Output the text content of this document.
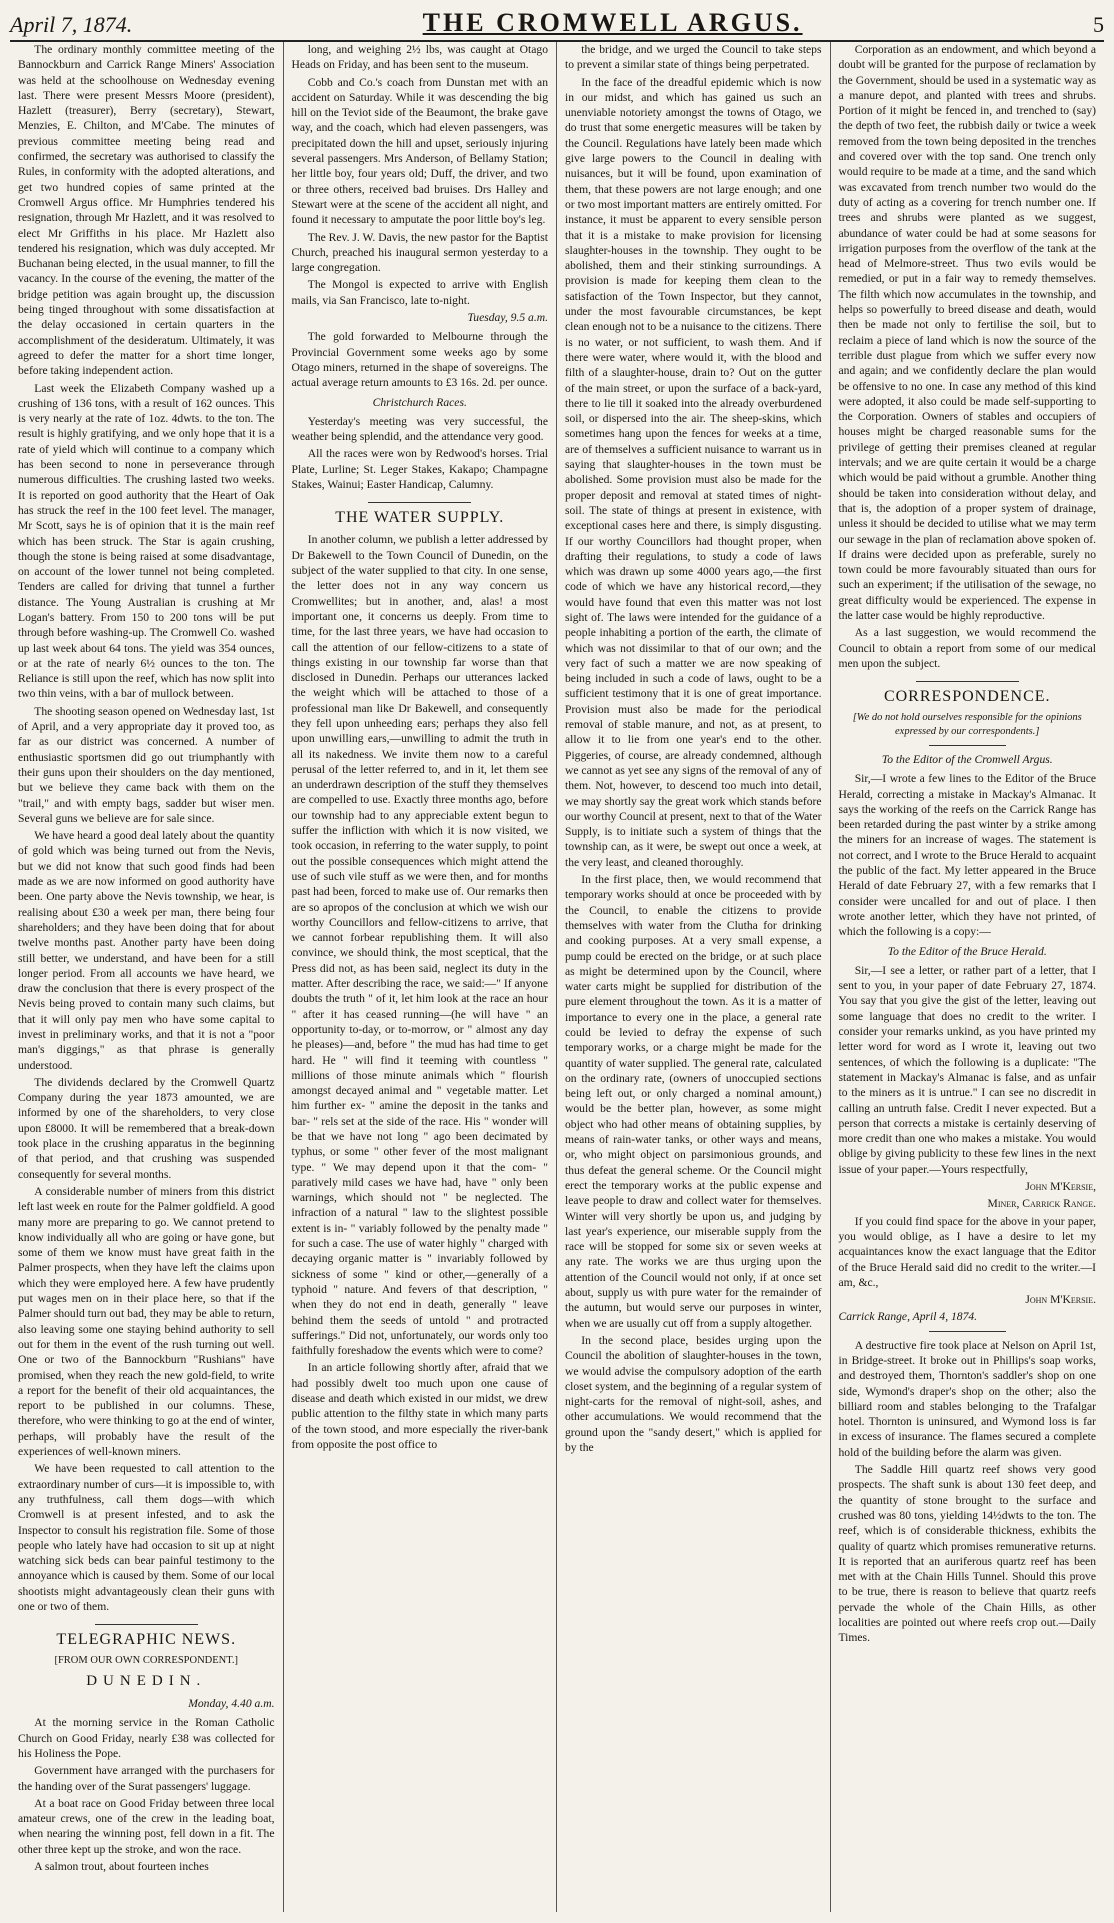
April 7, 1874.	THE CROMWELL ARGUS.	5

The ordinary monthly committee meeting of the Bannockburn and Carrick Range Miners' Association was held at the schoolhouse on Wednesday evening last. There were present Messrs Moore (president), Hazlett (treasurer), Berry (secretary), Stewart, Menzies, E. Chilton, and M'Cabe. The minutes of previous committee meeting being read and confirmed, the secretary was authorised to classify the Rules, in conformity with the adopted alterations, and get two hundred copies of same printed at the Cromwell Argus office. Mr Humphries tendered his resignation, through Mr Hazlett, and it was resolved to elect Mr Griffiths in his place. Mr Hazlett also tendered his resignation, which was duly accepted. Mr Buchanan being elected, in the usual manner, to fill the vacancy. In the course of the evening, the matter of the bridge petition was again brought up, the discussion being tinged throughout with some dissatisfaction at the delay occasioned in certain quarters in the accomplishment of the desideratum. Ultimately, it was agreed to defer the matter for a short time longer, before taking independent action.

Last week the Elizabeth Company washed up a crushing of 136 tons, with a result of 162 ounces. This is very nearly at the rate of 1oz. 4dwts. to the ton. The result is highly gratifying, and we only hope that it is a rate of yield which will continue to a company which has been second to none in perseverance through numerous difficulties. The crushing lasted two weeks. It is reported on good authority that the Heart of Oak has struck the reef in the 100 feet level. The manager, Mr Scott, says he is of opinion that it is the main reef which has been struck. The Star is again crushing, though the stone is being raised at some disadvantage, on account of the lower tunnel not being completed. Tenders are called for driving that tunnel a further distance. The Young Australian is crushing at Mr Logan's battery. From 150 to 200 tons will be put through before washing-up. The Cromwell Co. washed up last week about 64 tons. The yield was 354 ounces, or at the rate of nearly 6½ ounces to the ton. The Reliance is still upon the reef, which has now split into two thin veins, with a bar of mullock between.

The shooting season opened on Wednesday last, 1st of April, and a very appropriate day it proved too, as far as our district was concerned. A number of enthusiastic sportsmen did go out triumphantly with their guns upon their shoulders on the day mentioned, but we believe they came back with them on the "trail," and with empty bags, sadder but wiser men. Several guns we believe are for sale since.

We have heard a good deal lately about the quantity of gold which was being turned out from the Nevis, but we did not know that such good finds had been made as we are now informed on good authority have been. One party above the Nevis township, we hear, is realising about £30 a week per man, there being four shareholders; and they have been doing that for about twelve months past. Another party have been doing still better, we understand, and have been for a still longer period. From all accounts we have heard, we draw the conclusion that there is every prospect of the Nevis being proved to contain many such claims, but that it will only pay men who have some capital to invest in preliminary works, and that it is not a "poor man's diggings," as that phrase is generally understood.

The dividends declared by the Cromwell Quartz Company during the year 1873 amounted, we are informed by one of the shareholders, to very close upon £8000. It will be remembered that a break-down took place in the crushing apparatus in the beginning of that period, and that crushing was suspended consequently for several months.

A considerable number of miners from this district left last week en route for the Palmer goldfield. A good many more are preparing to go. We cannot pretend to know individually all who are going or have gone, but some of them we know must have great faith in the Palmer prospects, when they have left the claims upon which they were employed here. A few have prudently put wages men on in their place here, so that if the Palmer should turn out bad, they may be able to return, also leaving some one staying behind authority to sell out for them in the event of the rush turning out well. One or two of the Bannockburn "Rushians" have promised, when they reach the new gold-field, to write a report for the benefit of their old acquaintances, the report to be published in our columns. These, therefore, who were thinking to go at the end of winter, perhaps, will probably have the result of the experiences of well-known miners.

We have been requested to call attention to the extraordinary number of curs—it is impossible to, with any truthfulness, call them dogs—with which Cromwell is at present infested, and to ask the Inspector to consult his registration file. Some of those people who lately have had occasion to sit up at night watching sick beds can bear painful testimony to the annoyance which is caused by them. Some of our local shootists might advantageously clean their guns with one or two of them.

TELEGRAPHIC NEWS.
[FROM OUR OWN CORRESPONDENT.]
DUNEDIN.
Monday, 4.40 a.m.

At the morning service in the Roman Catholic Church on Good Friday, nearly £38 was collected for his Holiness the Pope.

Government have arranged with the purchasers for the handing over of the Surat passengers' luggage.

At a boat race on Good Friday between three local amateur crews, one of the crew in the leading boat, when nearing the winning post, fell down in a fit. The other three kept up the stroke, and won the race.

A salmon trout, about fourteen inches

long, and weighing 2½ lbs, was caught at Otago Heads on Friday, and has been sent to the museum.

Cobb and Co.'s coach from Dunstan met with an accident on Saturday. While it was descending the big hill on the Teviot side of the Beaumont, the brake gave way, and the coach, which had eleven passengers, was precipitated down the hill and upset, seriously injuring several passengers. Mrs Anderson, of Bellamy Station; her little boy, four years old; Duff, the driver, and two or three others, received bad bruises. Drs Halley and Stewart were at the scene of the accident all night, and found it necessary to amputate the poor little boy's leg.

The Rev. J. W. Davis, the new pastor for the Baptist Church, preached his inaugural sermon yesterday to a large congregation.

The Mongol is expected to arrive with English mails, via San Francisco, late to-night.

Tuesday, 9.5 a.m.

The gold forwarded to Melbourne through the Provincial Government some weeks ago by some Otago miners, returned in the shape of sovereigns. The actual average return amounts to £3 16s. 2d. per ounce.

Christchurch Races.

Yesterday's meeting was very successful, the weather being splendid, and the attendance very good.

All the races were won by Redwood's horses. Trial Plate, Lurline; St. Leger Stakes, Kakapo; Champagne Stakes, Wainui; Easter Handicap, Calumny.

THE WATER SUPPLY.

In another column, we publish a letter addressed by Dr Bakewell to the Town Council of Dunedin, on the subject of the water supplied to that city. In one sense, the letter does not in any way concern us Cromwellites; but in another, and, alas! a most important one, it concerns us deeply. From time to time, for the last three years, we have had occasion to call the attention of our fellow-citizens to a state of things existing in our township far worse than that disclosed in Dunedin. Perhaps our utterances lacked the weight which will be attached to those of a professional man like Dr Bakewell, and consequently they fell upon unheeding ears; perhaps they also fell upon unwilling ears,—unwilling to admit the truth in all its nakedness. We invite them now to a careful perusal of the letter referred to, and in it, let them see an underdrawn description of the stuff they themselves are compelled to use. Exactly three months ago, before our township had to any appreciable extent begun to suffer the infliction with which it is now visited, we took occasion, in referring to the water supply, to point out the possible consequences which might attend the use of such vile stuff as we were then, and for months past had been, forced to make use of. Our remarks then are so apropos of the conclusion at which we wish our worthy Councillors and fellow-citizens to arrive, that we cannot forbear republishing them. It will also convince, we should think, the most sceptical, that the Press did not, as has been said, neglect its duty in the matter. After describing the race, we said:—" If anyone doubts the truth " of it, let him look at the race an hour " after it has ceased running—(he will have " an opportunity to-day, or to-morrow, or " almost any day he pleases)—and, before " the mud has had time to get hard. He " will find it teeming with countless " millions of those minute animals which " flourish amongst decayed animal and " vegetable matter. Let him further ex- " amine the deposit in the tanks and bar- " rels set at the side of the race. His " wonder will be that we have not long " ago been decimated by typhus, or some " other fever of the most malignant type. " We may depend upon it that the com- " paratively mild cases we have had, have " only been warnings, which should not " be neglected. The infraction of a natural " law to the slightest possible extent is in- " variably followed by the penalty made " for such a case. The use of water highly " charged with decaying organic matter is " invariably followed by sickness of some " kind or other,—generally of a typhoid " nature. And fevers of that description, " when they do not end in death, generally " leave behind them the seeds of untold " and protracted sufferings." Did not, unfortunately, our words only too faithfully foreshadow the events which were to come?

In an article following shortly after, afraid that we had possibly dwelt too much upon one cause of disease and death which existed in our midst, we drew public attention to the filthy state in which many parts of the town stood, and more especially the river-bank from opposite the post office to

the bridge, and we urged the Council to take steps to prevent a similar state of things being perpetrated.

In the face of the dreadful epidemic which is now in our midst, and which has gained us such an unenviable notoriety amongst the towns of Otago, we do trust that some energetic measures will be taken by the Council. Regulations have lately been made which give large powers to the Council in dealing with nuisances, but it will be found, upon examination of them, that these powers are not large enough; and one or two most important matters are entirely omitted. For instance, it must be apparent to every sensible person that it is a mistake to make provision for licensing slaughter-houses in the township. They ought to be abolished, them and their stinking surroundings. A provision is made for keeping them clean to the satisfaction of the Town Inspector, but they cannot, under the most favourable circumstances, be kept clean enough not to be a nuisance to the citizens. There is no water, or not sufficient, to wash them. And if there were water, where would it, with the blood and filth of a slaughter-house, drain to? Out on the gutter of the main street, or upon the surface of a back-yard, there to lie till it soaked into the already overburdened soil, or dispersed into the air. The sheep-skins, which sometimes hang upon the fences for weeks at a time, are of themselves a sufficient nuisance to warrant us in saying that slaughter-houses in the town must be abolished. Some provision must also be made for the proper deposit and removal at stated times of night-soil. The state of things at present in existence, with exceptional cases here and there, is simply disgusting. If our worthy Councillors had thought proper, when drafting their regulations, to study a code of laws which was drawn up some 4000 years ago,—the first code of which we have any historical record,—they would have found that even this matter was not lost sight of. The laws were intended for the guidance of a people inhabiting a portion of the earth, the climate of which was not dissimilar to that of our own; and the very fact of such a matter we are now speaking of being included in such a code of laws, ought to be a sufficient testimony that it is one of great importance. Provision must also be made for the periodical removal of stable manure, and not, as at present, to allow it to lie from one year's end to the other. Piggeries, of course, are already condemned, although we cannot as yet see any signs of the removal of any of them. Not, however, to descend too much into detail, we may shortly say the great work which stands before our worthy Council at present, next to that of the Water Supply, is to initiate such a system of things that the township can, as it were, be swept out once a week, at the very least, and cleaned thoroughly.

In the first place, then, we would recommend that temporary works should at once be proceeded with by the Council, to enable the citizens to provide themselves with water from the Clutha for drinking and cooking purposes. At a very small expense, a pump could be erected on the bridge, or at such place as might be determined upon by the Council, where water carts might be supplied for distribution of the pure element throughout the town. As it is a matter of importance to every one in the place, a general rate could be levied to defray the expense of such temporary works, or a charge might be made for the quantity of water supplied. The general rate, calculated on the ordinary rate, (owners of unoccupied sections being left out, or only charged a nominal amount,) would be the better plan, however, as some might object who had other means of obtaining supplies, by means of rain-water tanks, or other ways and means, or, who might object on parsimonious grounds, and thus defeat the general scheme. Or the Council might erect the temporary works at the public expense and leave people to draw and collect water for themselves. Winter will very shortly be upon us, and judging by last year's experience, our miserable supply from the race will be stopped for some six or seven weeks at any rate. The works we are thus urging upon the attention of the Council would not only, if at once set about, supply us with pure water for the remainder of the autumn, but would serve our purposes in winter, when we are usually cut off from a supply altogether.

In the second place, besides urging upon the Council the abolition of slaughter-houses in the town, we would advise the compulsory adoption of the earth closet system, and the beginning of a regular system of night-carts for the removal of night-soil, ashes, and other accumulations. We would recommend that the ground upon the "sandy desert," which is applied for by the

Corporation as an endowment, and which beyond a doubt will be granted for the purpose of reclamation by the Government, should be used in a systematic way as a manure depot, and planted with trees and shrubs. Portion of it might be fenced in, and trenched to (say) the depth of two feet, the rubbish daily or twice a week removed from the town being deposited in the trenches and covered over with the top sand. One trench only would require to be made at a time, and the sand which was excavated from trench number two would do the duty of acting as a covering for trench number one. If trees and shrubs were planted as we suggest, abundance of water could be had at some seasons for irrigation purposes from the overflow of the tank at the head of Melmore-street. Thus two evils would be remedied, or put in a fair way to remedy themselves. The filth which now accumulates in the township, and helps so powerfully to breed disease and death, would then be made not only to fertilise the soil, but to reclaim a piece of land which is now the source of the terrible dust plague from which we suffer every now and again; and we confidently declare the plan would be offensive to no one. In case any method of this kind were adopted, it also could be made self-supporting to the Corporation. Owners of stables and occupiers of houses might be charged reasonable sums for the privilege of getting their premises cleaned at regular intervals; and we are quite certain it would be a charge which would be paid without a grumble. Another thing should be taken into consideration without delay, and that is, the adoption of a proper system of drainage, unless it should be decided to utilise what we may term our sewage in the plan of reclamation above spoken of. If drains were decided upon as preferable, surely no town could be more favourably situated than ours for such an experiment; if the utilisation of the sewage, no great difficulty would be experienced. The expense in the latter case would be highly reproductive.

As a last suggestion, we would recommend the Council to obtain a report from some of our medical men upon the subject.

CORRESPONDENCE.
[We do not hold ourselves responsible for the opinions expressed by our correspondents.]
To the Editor of the Cromwell Argus.

Sir,—I wrote a few lines to the Editor of the Bruce Herald, correcting a mistake in Mackay's Almanac. It says the working of the reefs on the Carrick Range has been retarded during the past winter by a strike among the miners for an increase of wages. The statement is not correct, and I wrote to the Bruce Herald to acquaint the public of the fact. My letter appeared in the Bruce Herald of date February 27, with a few remarks that I consider were uncalled for and out of place. I then wrote another letter, which they have not printed, of which the following is a copy:—

To the Editor of the Bruce Herald.

Sir,—I see a letter, or rather part of a letter, that I sent to you, in your paper of date February 27, 1874. You say that you give the gist of the letter, leaving out some language that does no credit to the writer. I consider your remarks unkind, as you have printed my letter word for word as I wrote it, leaving out two sentences, of which the following is a duplicate: "The statement in Mackay's Almanac is false, and as unfair to the miners as it is untrue." I can see no discredit in calling an untruth false. Credit I never expected. But a person that corrects a mistake is certainly deserving of more credit than one who makes a mistake. You would oblige by giving publicity to these few lines in the next issue of your paper.—Yours respectfully,

John M'Kersie,
Miner, Carrick Range.

If you could find space for the above in your paper, you would oblige, as I have a desire to let my acquaintances know the exact language that the Editor of the Bruce Herald said did no credit to the writer.—I am, &c.,

John M'Kersie.
Carrick Range, April 4, 1874.

A destructive fire took place at Nelson on April 1st, in Bridge-street. It broke out in Phillips's soap works, and destroyed them, Thornton's saddler's shop on one side, Wymond's draper's shop on the other; also the billiard room and stables belonging to the Trafalgar hotel. Thornton is uninsured, and Wymond loss is far in excess of insurance. The flames secured a complete hold of the building before the alarm was given.

The Saddle Hill quartz reef shows very good prospects. The shaft sunk is about 130 feet deep, and the quantity of stone brought to the surface and crushed was 80 tons, yielding 14½dwts to the ton. The reef, which is of considerable thickness, exhibits the quality of quartz which promises remunerative returns. It is reported that an auriferous quartz reef has been met with at the Chain Hills Tunnel. Should this prove to be true, there is reason to believe that quartz reefs pervade the whole of the Chain Hills, as other localities are pointed out where reefs crop out.—Daily Times.
